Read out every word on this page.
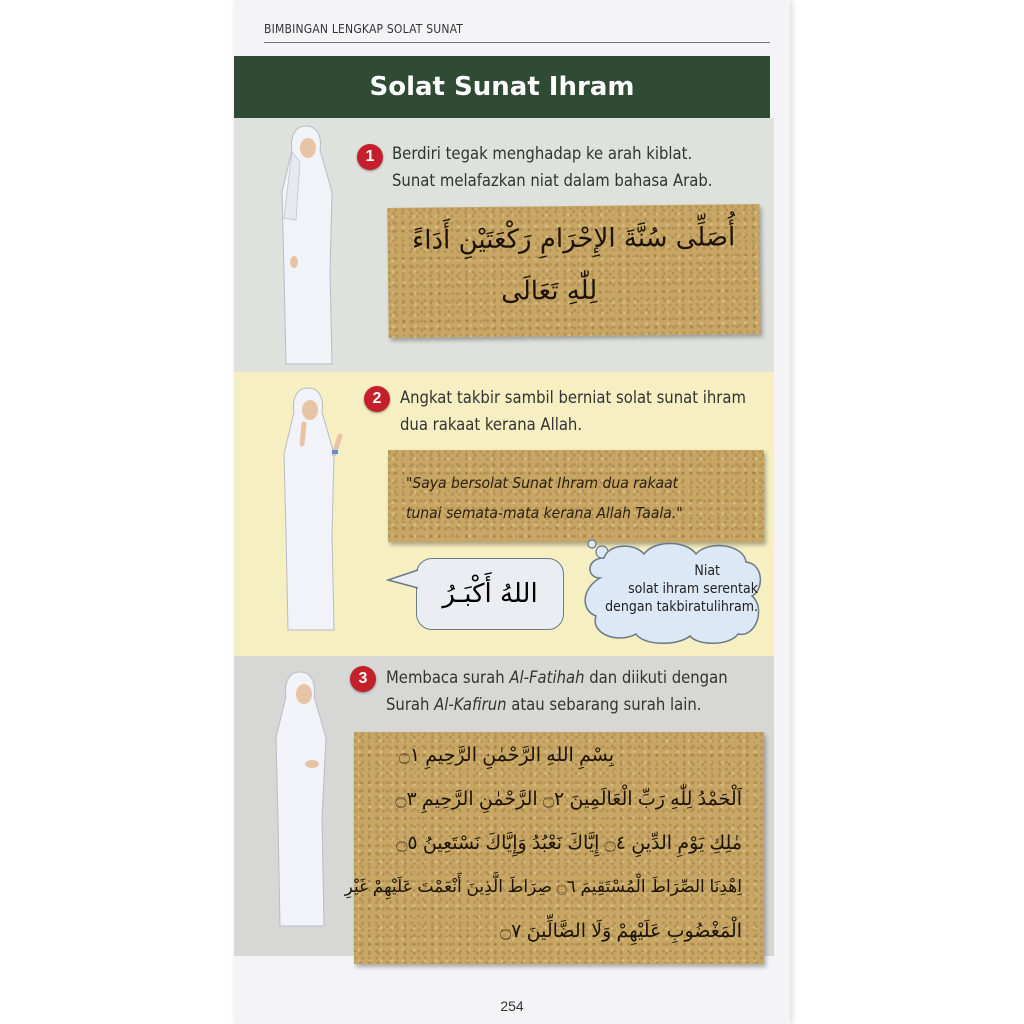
BIMBINGAN LENGKAP SOLAT SUNAT
Solat Sunat Ihram
1	Berdiri tegak menghadap ke arah kiblat.
Sunat melafazkan niat dalam bahasa Arab.
أُصَلِّى سُنَّةَ الإِحْرَامِ رَكْعَتَيْنِ أَدَاءً
لِلّٰهِ تَعَالَى
2	Angkat takbir sambil berniat solat sunat ihram
dua rakaat kerana Allah.
"Saya bersolat Sunat Ihram dua rakaat
tunai semata-mata kerana Allah Taala."
اللهُ أَكْبَـرُ
Niat
solat ihram serentak
dengan takbiratulihram.
3	Membaca surah Al-Fatihah dan diikuti dengan
Surah Al-Kafirun atau sebarang surah lain.
بِسْمِ اللهِ الرَّحْمٰنِ الرَّحِيمِ ۝١
اَلْحَمْدُ لِلّٰهِ رَبِّ الْعَالَمِينَ ۝٢ الرَّحْمٰنِ الرَّحِيمِ ۝٣
مٰلِكِ يَوْمِ الدِّينِ ۝٤ إِيَّاكَ نَعْبُدُ وَإِيَّاكَ نَسْتَعِينُ ۝٥
اِهْدِنَا الصِّرَاطَ الْمُسْتَقِيمَ ۝٦ صِرَاطَ الَّذِينَ أَنْعَمْتَ عَلَيْهِمْ غَيْرِ
الْمَغْضُوبِ عَلَيْهِمْ وَلَا الضَّالِّينَ ۝٧
254
